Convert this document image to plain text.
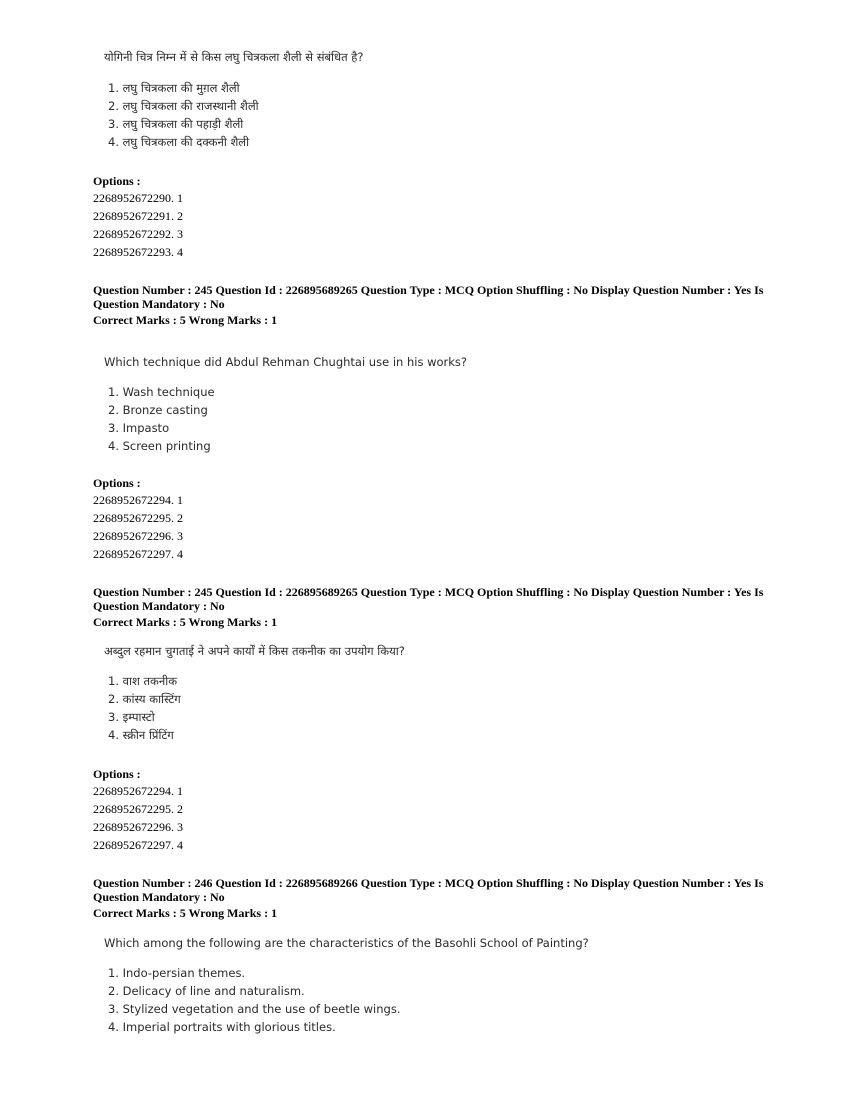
योगिनी चित्र निम्न में से किस लघु चित्रकला शैली से संबंधित है?
1. लघु चित्रकला की मुग़ल शैली
2. लघु चित्रकला की राजस्थानी शैली
3. लघु चित्रकला की पहाड़ी शैली
4. लघु चित्रकला की दक्कनी शैली
Options :
2268952672290. 1
2268952672291. 2
2268952672292. 3
2268952672293. 4
Question Number : 245 Question Id : 226895689265 Question Type : MCQ Option Shuffling : No Display Question Number : Yes Is
Question Mandatory : No
Correct Marks : 5 Wrong Marks : 1
Which technique did Abdul Rehman Chughtai use in his works?
1. Wash technique
2. Bronze casting
3. Impasto
4. Screen printing
Options :
2268952672294. 1
2268952672295. 2
2268952672296. 3
2268952672297. 4
Question Number : 245 Question Id : 226895689265 Question Type : MCQ Option Shuffling : No Display Question Number : Yes Is
Question Mandatory : No
Correct Marks : 5 Wrong Marks : 1
अब्दुल रहमान चुगताई ने अपने कार्यों में किस तकनीक का उपयोग किया?
1. वाश तकनीक
2. कांस्य कास्टिंग
3. इम्पास्टो
4. स्क्रीन प्रिंटिंग
Options :
2268952672294. 1
2268952672295. 2
2268952672296. 3
2268952672297. 4
Question Number : 246 Question Id : 226895689266 Question Type : MCQ Option Shuffling : No Display Question Number : Yes Is
Question Mandatory : No
Correct Marks : 5 Wrong Marks : 1
Which among the following are the characteristics of the Basohli School of Painting?
1. Indo-persian themes.
2. Delicacy of line and naturalism.
3. Stylized vegetation and the use of beetle wings.
4. Imperial portraits with glorious titles.
